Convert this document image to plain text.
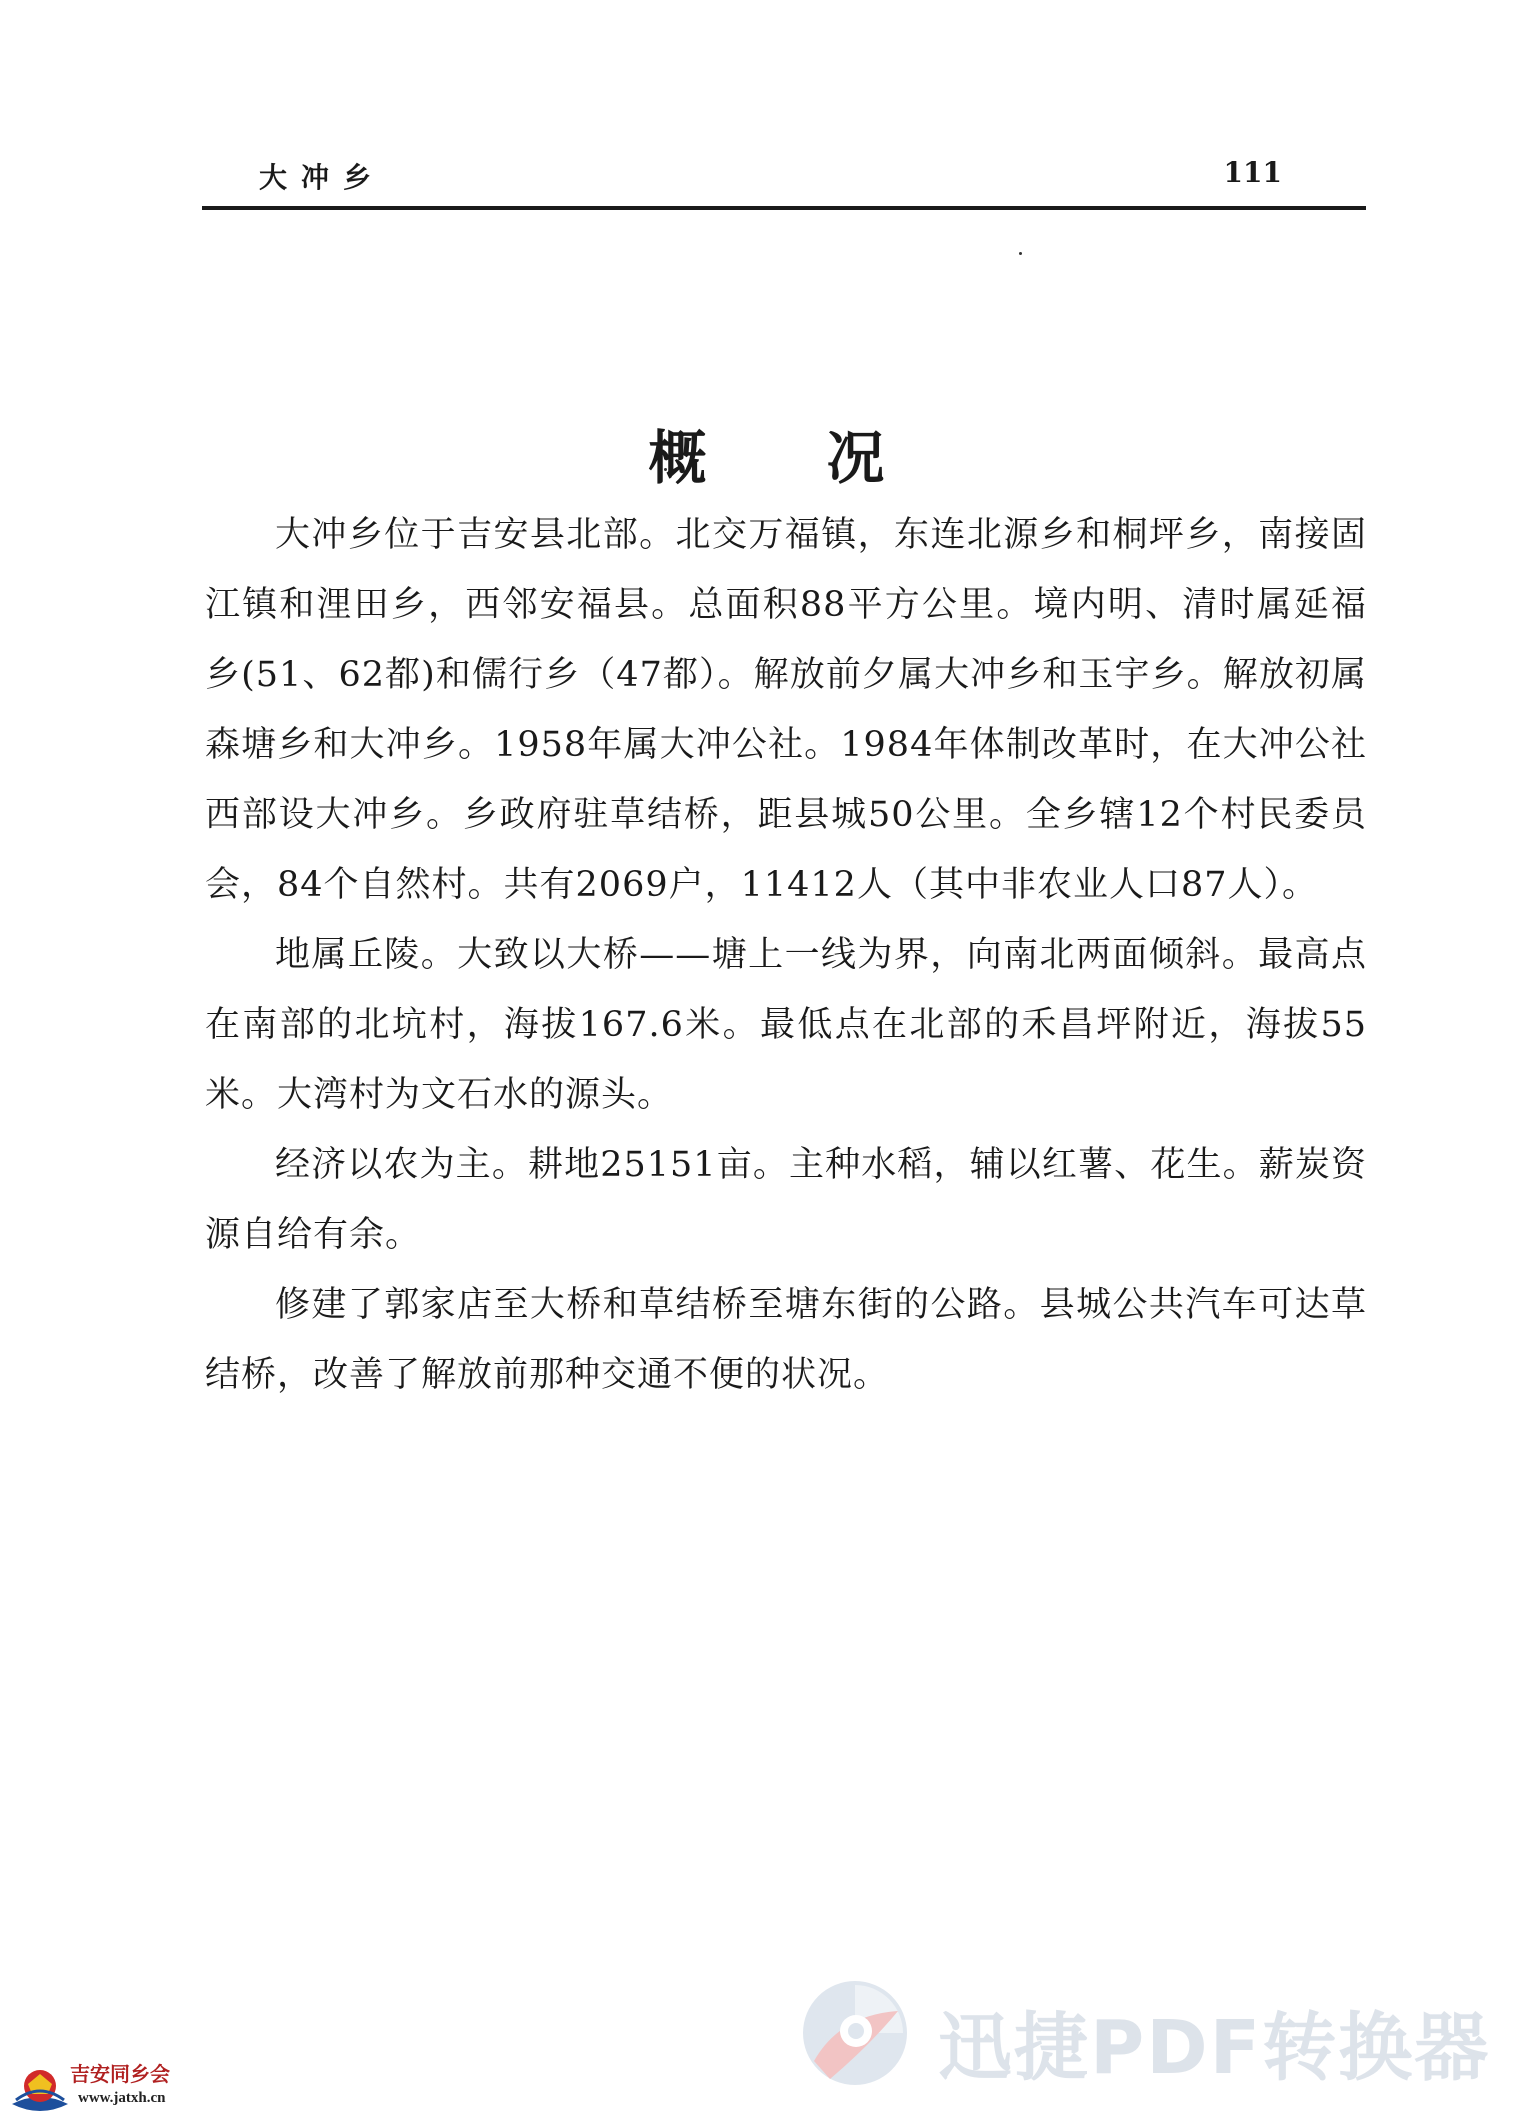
大冲乡	111
概况

大冲乡位于吉安县北部。北交万福镇，东连北源乡和桐坪乡，南接固江镇和浬田乡，西邻安福县。总面积88平方公里。境内明、清时属延福乡(51、62都)和儒行乡（47都）。解放前夕属大冲乡和玉宇乡。解放初属森塘乡和大冲乡。1958年属大冲公社。1984年体制改革时，在大冲公社西部设大冲乡。乡政府驻草结桥，距县城50公里。全乡辖12个村民委员会，84个自然村。共有2069户，11412人（其中非农业人口87人）。

地属丘陵。大致以大桥——塘上一线为界，向南北两面倾斜。最高点在南部的北坑村，海拔167.6米。最低点在北部的禾昌坪附近，海拔55米。大湾村为文石水的源头。

经济以农为主。耕地25151亩。主种水稻，辅以红薯、花生。薪炭资源自给有余。

修建了郭家店至大桥和草结桥至塘东街的公路。县城公共汽车可达草结桥，改善了解放前那种交通不便的状况。

吉安同乡会
www.jatxh.cn
迅捷PDF转换器
